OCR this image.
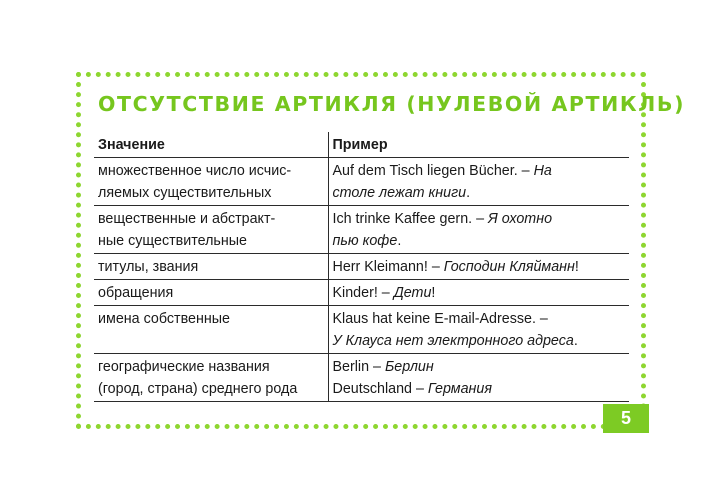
ОТСУТСТВИЕ АРТИКЛЯ (НУЛЕВОЙ АРТИКЛЬ)
Значение	Пример

множественное число исчис-
ляемых существительных	Auf dem Tisch liegen Bücher. – На
столе лежат книги.

вещественные и абстракт-
ные существительные	Ich trinke Kaffee gern. – Я охотно
пью кофе.

титулы, звания	Herr Kleimann! – Господин Кляйманн!

обращения	Kinder! – Дети!

имена собственные	Klaus hat keine E-mail-Adresse. –
У Клауса нет электронного адреса.

географические названия
(город, страна) среднего рода	Berlin – Берлин
Deutschland – Германия
5
